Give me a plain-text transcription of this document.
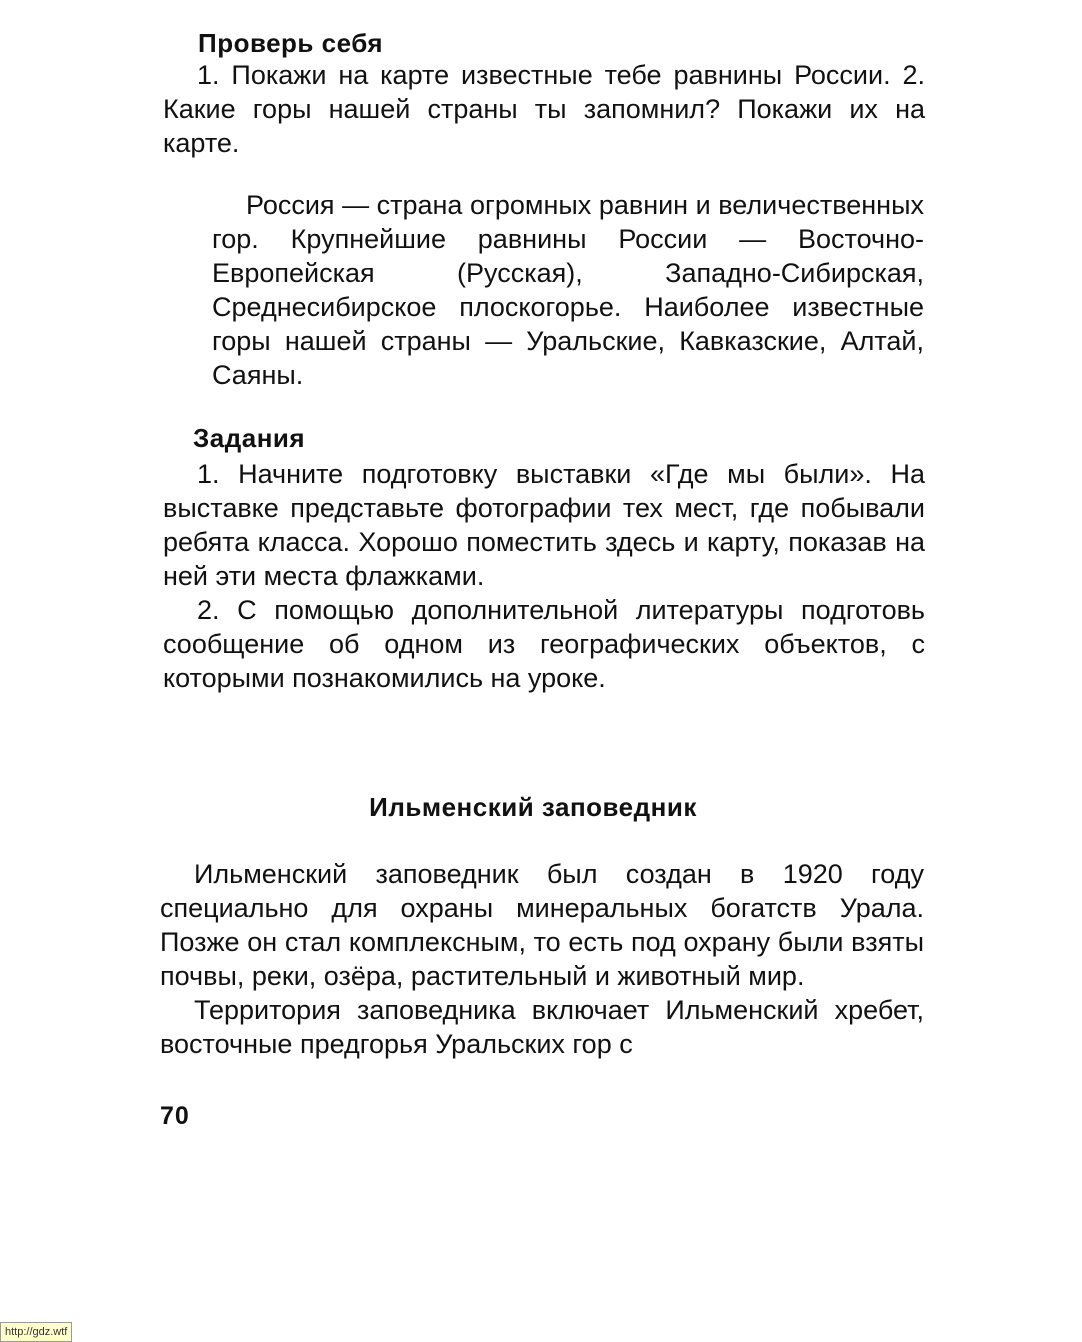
Проверь себя

1. Покажи на карте известные тебе равнины России. 2. Какие горы нашей страны ты запомнил? Покажи их на карте.

Россия — страна огромных равнин и величественных гор. Крупнейшие равнины России — Восточно-Европейская (Русская), Западно-Сибирская, Среднесибирское плоскогорье. Наиболее известные горы нашей страны — Уральские, Кавказские, Алтай, Саяны.

Задания

1. Начните подготовку выставки «Где мы были». На выставке представьте фотографии тех мест, где побывали ребята класса. Хорошо поместить здесь и карту, показав на ней эти места флажками.

2. С помощью дополнительной литературы подготовь сообщение об одном из географических объектов, с которыми познакомились на уроке.

Ильменский заповедник

Ильменский заповедник был создан в 1920 году специально для охраны минеральных богатств Урала. Позже он стал комплексным, то есть под охрану были взяты почвы, реки, озёра, растительный и животный мир.

Территория заповедника включает Ильменский хребет, восточные предгорья Уральских гор с

70
http://gdz.wtf
